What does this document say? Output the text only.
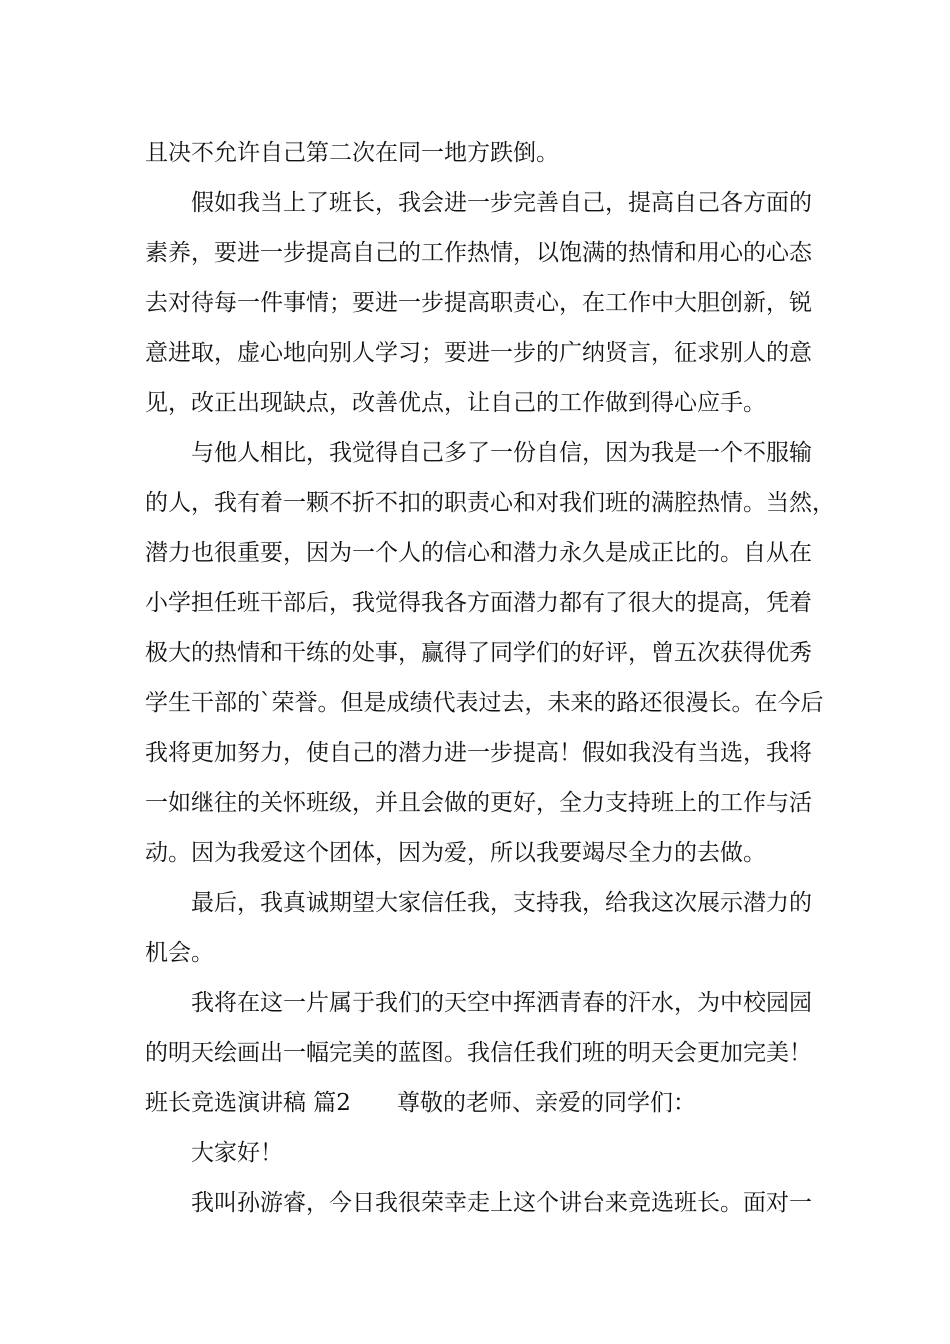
且决不允许自己第二次在同一地方跌倒。
假如我当上了班长，我会进一步完善自己，提高自己各方面的
素养，要进一步提高自己的工作热情，以饱满的热情和用心的心态
去对待每一件事情；要进一步提高职责心，在工作中大胆创新，锐
意进取，虚心地向别人学习；要进一步的广纳贤言，征求别人的意
见，改正出现缺点，改善优点，让自己的工作做到得心应手。
与他人相比，我觉得自己多了一份自信，因为我是一个不服输
的人，我有着一颗不折不扣的职责心和对我们班的满腔热情。当然，
潜力也很重要，因为一个人的信心和潜力永久是成正比的。自从在
小学担任班干部后，我觉得我各方面潜力都有了很大的提高，凭着
极大的热情和干练的处事，赢得了同学们的好评，曾五次获得优秀
学生干部的`荣誉。但是成绩代表过去，未来的路还很漫长。在今后
我将更加努力，使自己的潜力进一步提高！假如我没有当选，我将
一如继往的关怀班级，并且会做的更好，全力支持班上的工作与活
动。因为我爱这个团体，因为爱，所以我要竭尽全力的去做。
最后，我真诚期望大家信任我，支持我，给我这次展示潜力的
机会。
我将在这一片属于我们的天空中挥洒青春的汗水，为中校园园
的明天绘画出一幅完美的蓝图。我信任我们班的明天会更加完美！
班长竞选演讲稿 篇2　　尊敬的老师、亲爱的同学们：
大家好！
我叫孙游睿，今日我很荣幸走上这个讲台来竞选班长。面对一
